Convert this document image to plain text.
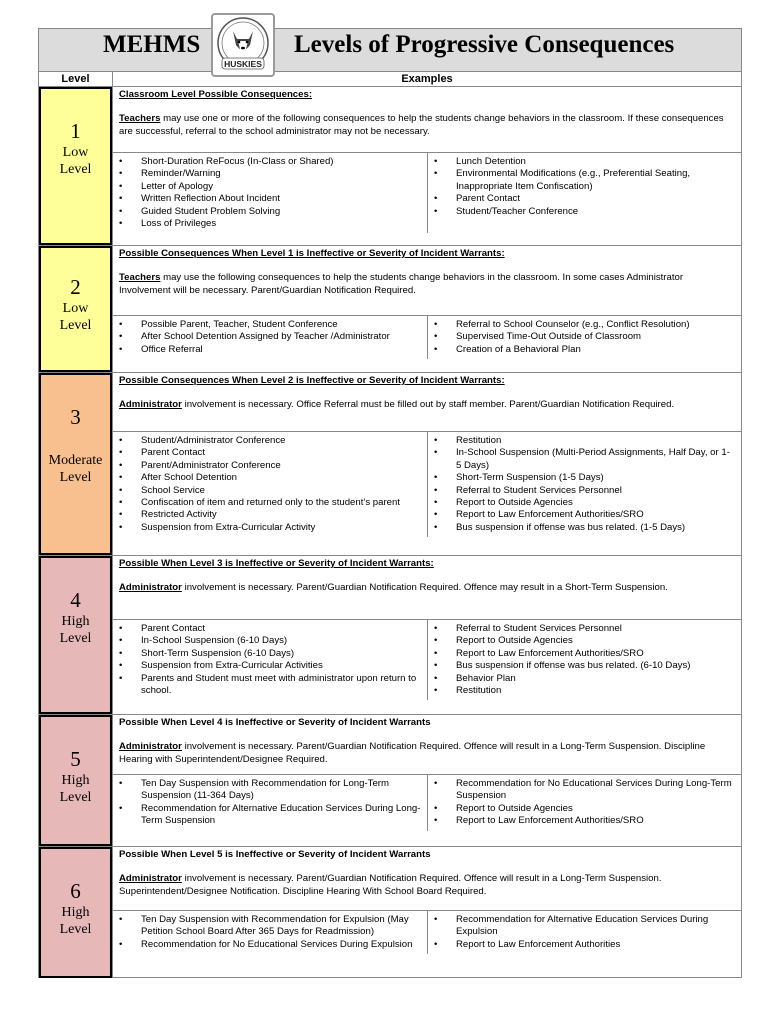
MEHMS
HUSKIES
Levels of Progressive Consequences
Level	Examples
1
Low
Level
Classroom Level Possible Consequences:
Teachers may use one or more of the following consequences to help the students change behaviors in the classroom. If these consequences are successful, referral to the school administrator may not be necessary.
• Short-Duration ReFocus (In-Class or Shared)
• Reminder/Warning
• Letter of Apology
• Written Reflection About Incident
• Guided Student Problem Solving
• Loss of Privileges
• Lunch Detention
• Environmental Modifications (e.g., Preferential Seating, Inappropriate Item Confiscation)
• Parent Contact
• Student/Teacher Conference
2
Low
Level
Possible Consequences When Level 1 is Ineffective or Severity of Incident Warrants:
Teachers may use the following consequences to help the students change behaviors in the classroom. In some cases Administrator Involvement will be necessary. Parent/Guardian Notification Required.
• Possible Parent, Teacher, Student Conference
• After School Detention Assigned by Teacher /Administrator
• Office Referral
• Referral to School Counselor (e.g., Conflict Resolution)
• Supervised Time-Out Outside of Classroom
• Creation of a Behavioral Plan
3
Moderate
Level
Possible Consequences When Level 2 is Ineffective or Severity of Incident Warrants:
Administrator involvement is necessary. Office Referral must be filled out by staff member. Parent/Guardian Notification Required.
• Student/Administrator Conference
• Parent Contact
• Parent/Administrator Conference
• After School Detention
• School Service
• Confiscation of item and returned only to the student’s parent
• Restricted Activity
• Suspension from Extra-Curricular Activity
• Restitution
• In-School Suspension (Multi-Period Assignments, Half Day, or 1-5 Days)
• Short-Term Suspension (1-5 Days)
• Referral to Student Services Personnel
• Report to Outside Agencies
• Report to Law Enforcement Authorities/SRO
• Bus suspension if offense was bus related. (1-5 Days)
4
High
Level
Possible When Level 3 is Ineffective or Severity of Incident Warrants:
Administrator involvement is necessary. Parent/Guardian Notification Required. Offence may result in a Short-Term Suspension.
• Parent Contact
• In-School Suspension (6-10 Days)
• Short-Term Suspension (6-10 Days)
• Suspension from Extra-Curricular Activities
• Parents and Student must meet with administrator upon return to school.
• Referral to Student Services Personnel
• Report to Outside Agencies
• Report to Law Enforcement Authorities/SRO
• Bus suspension if offense was bus related. (6-10 Days)
• Behavior Plan
• Restitution
5
High
Level
Possible When Level 4 is Ineffective or Severity of Incident Warrants
Administrator involvement is necessary. Parent/Guardian Notification Required. Offence will result in a Long-Term Suspension. Discipline Hearing with Superintendent/Designee Required.
• Ten Day Suspension with Recommendation for Long-Term Suspension (11-364 Days)
• Recommendation for Alternative Education Services During Long-Term Suspension
• Recommendation for No Educational Services During Long-Term Suspension
• Report to Outside Agencies
• Report to Law Enforcement Authorities/SRO
6
High
Level
Possible When Level 5 is Ineffective or Severity of Incident Warrants
Administrator involvement is necessary. Parent/Guardian Notification Required. Offence will result in a Long-Term Suspension. Superintendent/Designee Notification. Discipline Hearing With School Board Required.
• Ten Day Suspension with Recommendation for Expulsion (May Petition School Board After 365 Days for Readmission)
• Recommendation for No Educational Services During Expulsion
• Recommendation for Alternative Education Services During Expulsion
• Report to Law Enforcement Authorities
